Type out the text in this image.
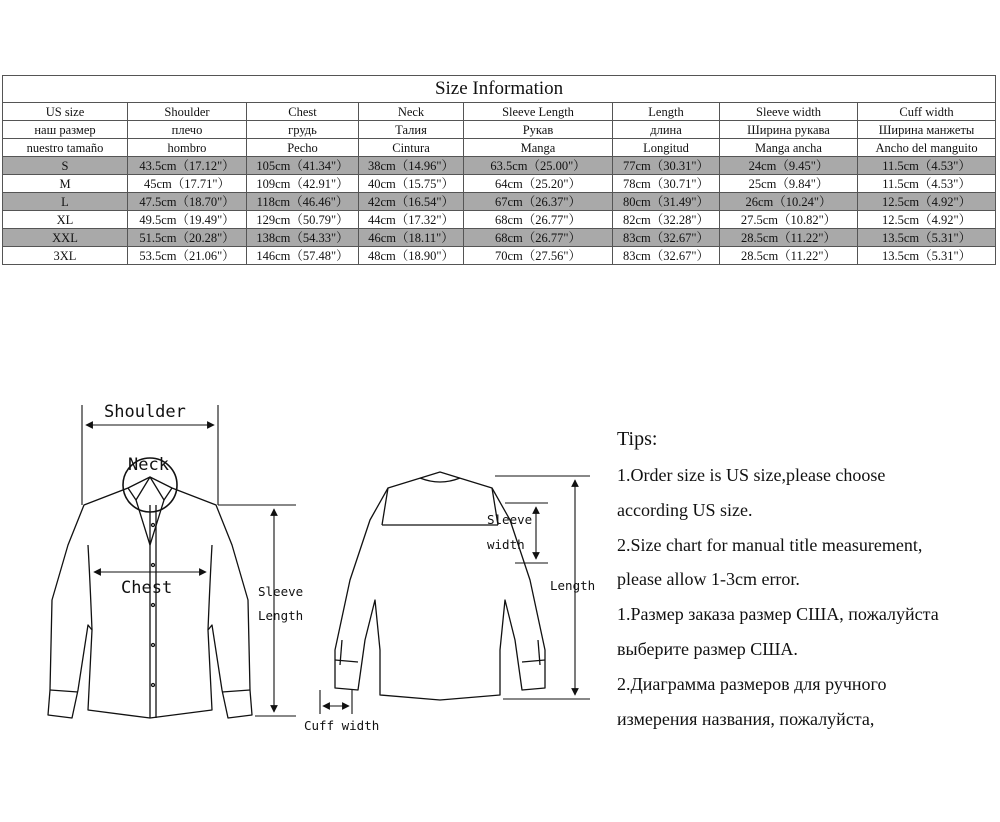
Size Information							
US size	Shoulder	Chest	Neck	Sleeve Length	Length	Sleeve width	Cuff width
наш размер	плечо	грудь	Талия	Рукав	длина	Ширина рукава	Ширина манжеты
nuestro tamaño	hombro	Pecho	Cintura	Manga	Longitud	Manga ancha	Ancho del manguito
S	43.5cm（17.12"）	105cm（41.34"）	38cm（14.96"）	63.5cm（25.00"）	77cm（30.31"）	24cm（9.45"）	11.5cm（4.53"）
M	45cm（17.71"）	109cm（42.91"）	40cm（15.75"）	64cm（25.20"）	78cm（30.71"）	25cm（9.84"）	11.5cm（4.53"）
L	47.5cm（18.70"）	118cm（46.46"）	42cm（16.54"）	67cm（26.37"）	80cm（31.49"）	26cm（10.24"）	12.5cm（4.92"）
XL	49.5cm（19.49"）	129cm（50.79"）	44cm（17.32"）	68cm（26.77"）	82cm（32.28"）	27.5cm（10.82"）	12.5cm（4.92"）
XXL	51.5cm（20.28"）	138cm（54.33"）	46cm（18.11"）	68cm（26.77"）	83cm（32.67"）	28.5cm（11.22"）	13.5cm（5.31"）
3XL	53.5cm（21.06"）	146cm（57.48"）	48cm（18.90"）	70cm（27.56"）	83cm（32.67"）	28.5cm（11.22"）	13.5cm（5.31"）
Shoulder
Neck
Chest	Sleeve
Length
Sleeve
width
Length
Cuff width
Tips:
1.Order size is US size,please choose
according US size.
2.Size chart for manual title measurement,
please allow 1-3cm error.
1.Размер заказа размер США, пожалуйста
выберите размер США.
2.Диаграмма размеров для ручного
измерения названия, пожалуйста,
